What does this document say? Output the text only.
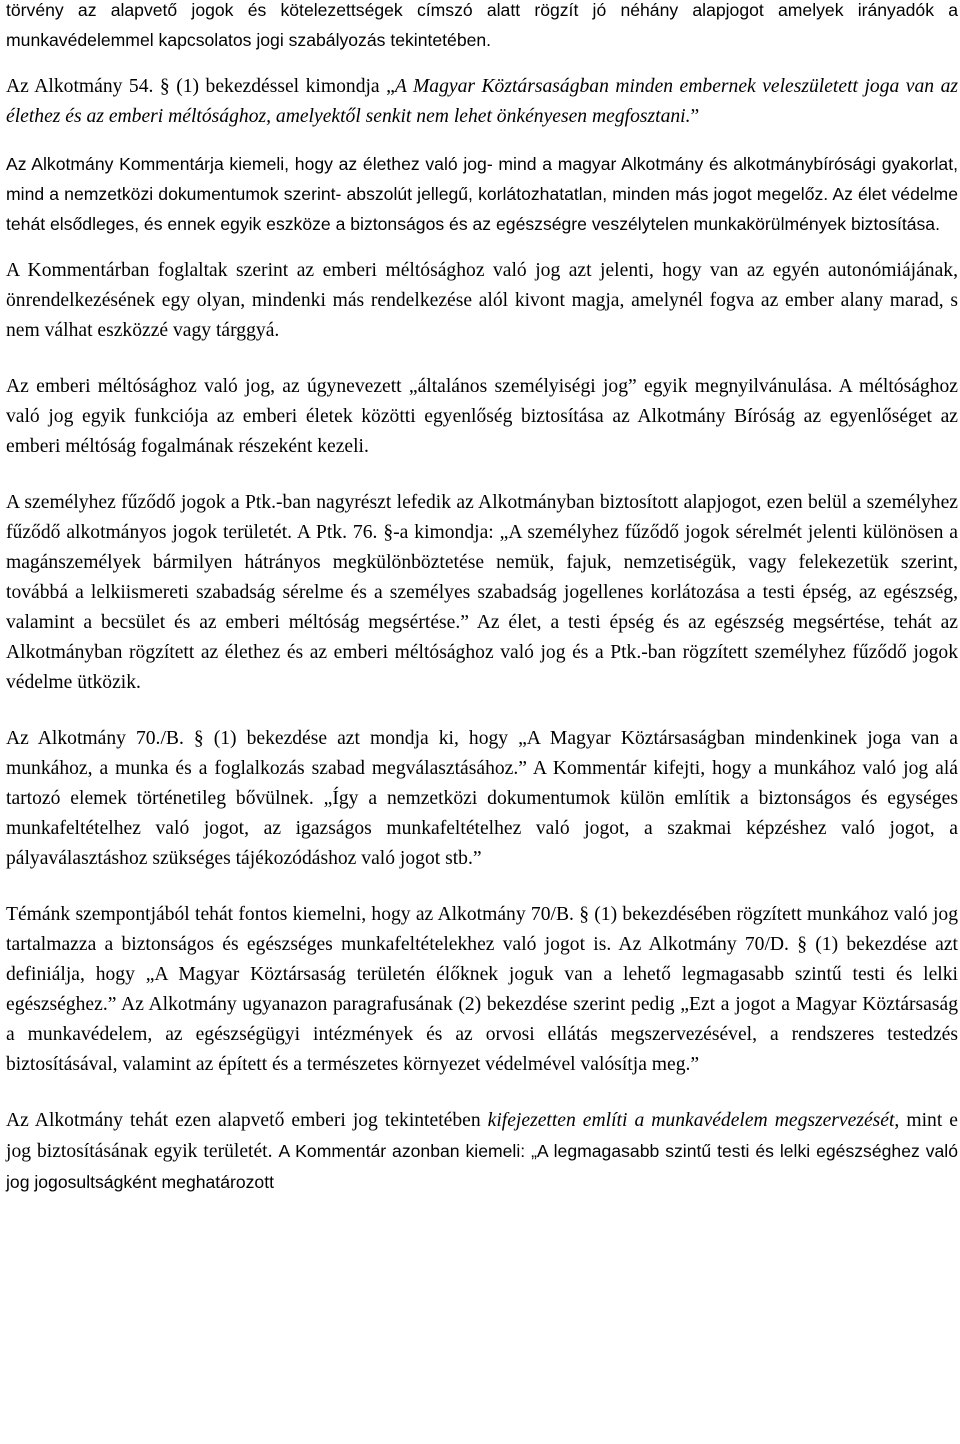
törvény az alapvető jogok és kötelezettségek címszó alatt rögzít jó néhány alapjogot amelyek irányadók a munkavédelemmel kapcsolatos jogi szabályozás tekintetében.

Az Alkotmány 54. § (1) bekezdéssel kimondja „A Magyar Köztársaságban minden embernek veleszületett joga van az élethez és az emberi méltósághoz, amelyektől senkit nem lehet önkényesen megfosztani.”

Az Alkotmány Kommentárja kiemeli, hogy az élethez való jog- mind a magyar Alkotmány és alkotmánybírósági gyakorlat, mind a nemzetközi dokumentumok szerint- abszolút jellegű, korlátozhatatlan, minden más jogot megelőz. Az élet védelme tehát elsődleges, és ennek egyik eszköze a biztonságos és az egészségre veszélytelen munkakörülmények biztosítása.

A Kommentárban foglaltak szerint az emberi méltósághoz való jog azt jelenti, hogy van az egyén autonómiájának, önrendelkezésének egy olyan, mindenki más rendelkezése alól kivont magja, amelynél fogva az ember alany marad, s nem válhat eszközzé vagy tárggyá.

Az emberi méltósághoz való jog, az úgynevezett „általános személyiségi jog” egyik megnyilvánulása. A méltósághoz való jog egyik funkciója az emberi életek közötti egyenlőség biztosítása az Alkotmány Bíróság az egyenlőséget az emberi méltóság fogalmának részeként kezeli.

A személyhez fűződő jogok a Ptk.-ban nagyrészt lefedik az Alkotmányban biztosított alapjogot, ezen belül a személyhez fűződő alkotmányos jogok területét. A Ptk. 76. §-a kimondja: „A személyhez fűződő jogok sérelmét jelenti különösen a magánszemélyek bármilyen hátrányos megkülönböztetése nemük, fajuk, nemzetiségük, vagy felekezetük szerint, továbbá a lelkiismereti szabadság sérelme és a személyes szabadság jogellenes korlátozása a testi épség, az egészség, valamint a becsület és az emberi méltóság megsértése.” Az élet, a testi épség és az egészség megsértése, tehát az Alkotmányban rögzített az élethez és az emberi méltósághoz való jog és a Ptk.-ban rögzített személyhez fűződő jogok védelme ütközik.

Az Alkotmány 70./B. § (1) bekezdése azt mondja ki, hogy „A Magyar Köztársaságban mindenkinek joga van a munkához, a munka és a foglalkozás szabad megválasztásához.” A Kommentár kifejti, hogy a munkához való jog alá tartozó elemek történetileg bővülnek. „Így a nemzetközi dokumentumok külön említik a biztonságos és egységes munkafeltételhez való jogot, az igazságos munkafeltételhez való jogot, a szakmai képzéshez való jogot, a pályaválasztáshoz szükséges tájékozódáshoz való jogot stb.”

Témánk szempontjából tehát fontos kiemelni, hogy az Alkotmány 70/B. § (1) bekezdésében rögzített munkához való jog tartalmazza a biztonságos és egészséges munkafeltételekhez való jogot is. Az Alkotmány 70/D. § (1) bekezdése azt definiálja, hogy „A Magyar Köztársaság területén élőknek joguk van a lehető legmagasabb szintű testi és lelki egészséghez.” Az Alkotmány ugyanazon paragrafusának (2) bekezdése szerint pedig „Ezt a jogot a Magyar Köztársaság a munkavédelem, az egészségügyi intézmények és az orvosi ellátás megszervezésével, a rendszeres testedzés biztosításával, valamint az épített és a természetes környezet védelmével valósítja meg.”

Az Alkotmány tehát ezen alapvető emberi jog tekintetében kifejezetten említi a munkavédelem megszervezését, mint e jog biztosításának egyik területét. A Kommentár azonban kiemeli: „A legmagasabb szintű testi és lelki egészséghez való jog jogosultságként meghatározott
